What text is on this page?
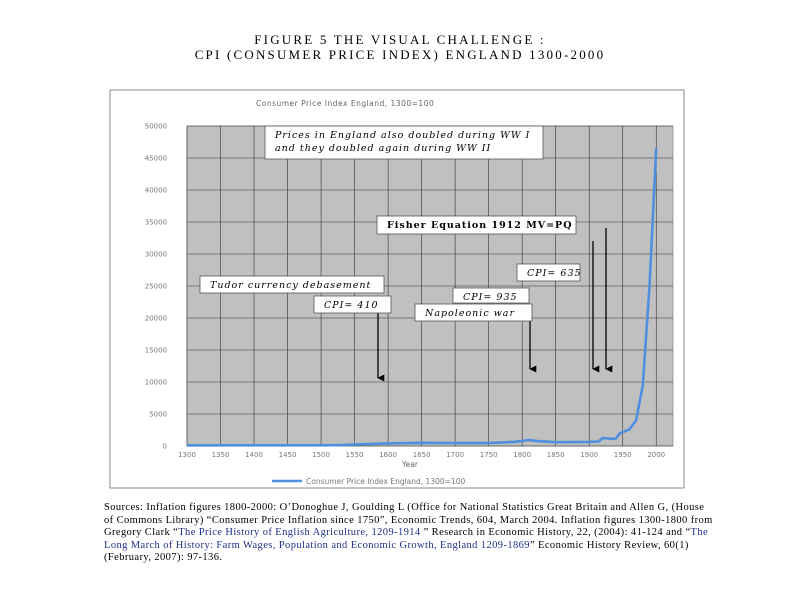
FIGURE 5 THE VISUAL CHALLENGE :
CPI (CONSUMER PRICE INDEX) ENGLAND 1300-2000
Consumer Price Index England, 1300=100
0
5000
10000
15000
20000
25000
30000
35000
40000
45000
50000
1300 1350 1400 1450 1500 1550 1600 1650 1700 1750 1800 1850 1900 1950 2000
Year
Prices in England also doubled during WW I
and they doubled again during WW II
Fisher Equation 1912 MV=PQ
Tudor currency debasement
CPI= 410
CPI= 935
Napoleonic war
CPI= 635
Consumer Price Index England, 1300=100

Sources: Inflation figures 1800-2000: O’Donoghue J, Goulding L (Office for National Statistics Great Britain and Allen G, (House of Commons Library) “Consumer Price Inflation since 1750”, Economic Trends, 604, March 2004. Inflation figures 1300-1800 from Gregory Clark “The Price History of English Agriculture, 1209-1914 ” Research in Economic History, 22, (2004): 41-124 and “The Long March of History: Farm Wages, Population and Economic Growth, England 1209-1869” Economic History Review, 60(1) (February, 2007): 97-136.
